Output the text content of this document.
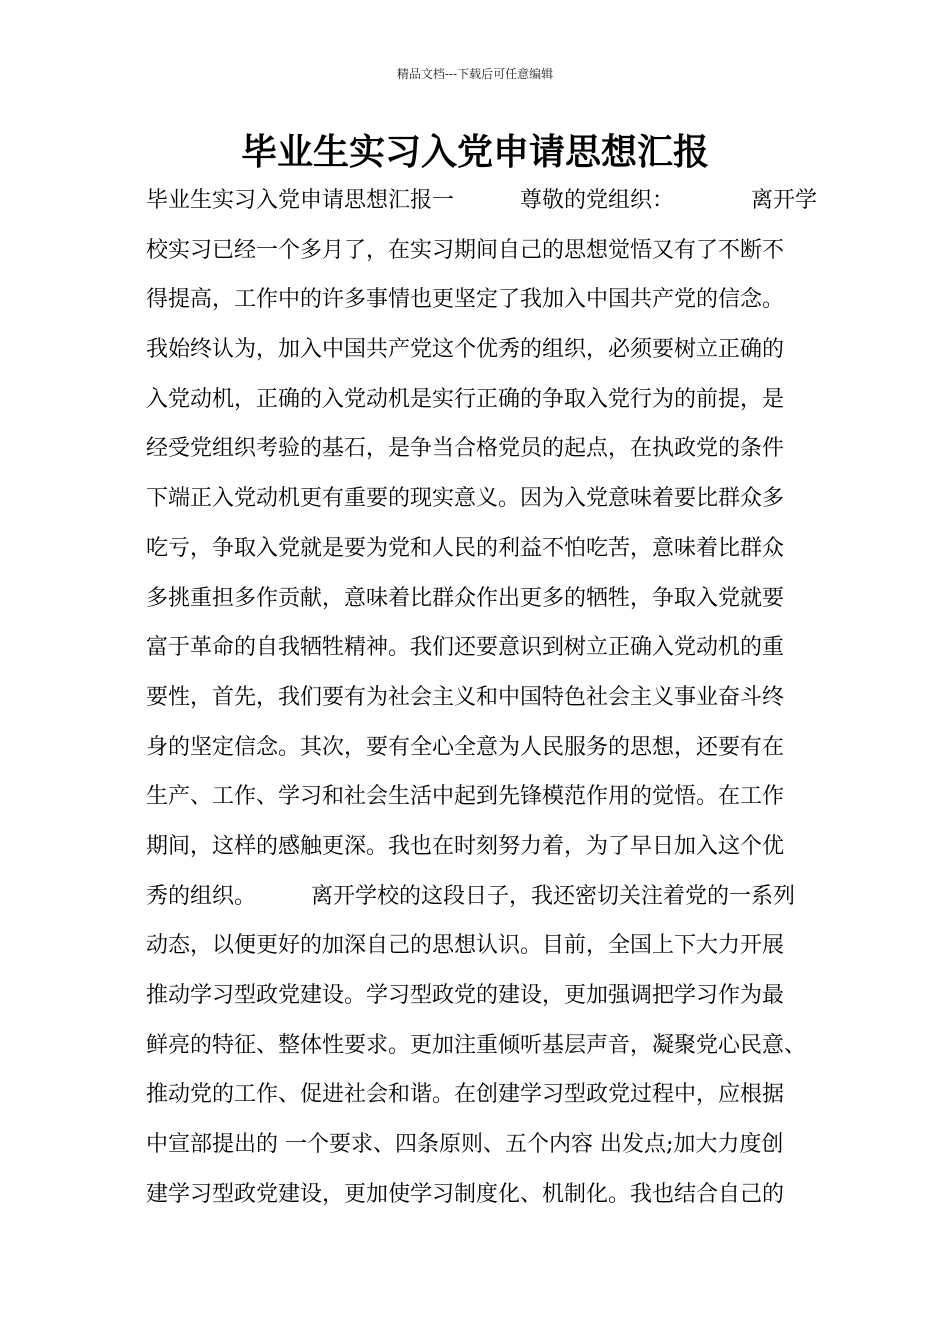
精品文档---下载后可任意编辑
毕业生实习入党申请思想汇报
毕业生实习入党申请思想汇报一　　　尊敬的党组织：　　　　离开学
校实习已经一个多月了，在实习期间自己的思想觉悟又有了不断不
得提高，工作中的许多事情也更坚定了我加入中国共产党的信念。
我始终认为，加入中国共产党这个优秀的组织，必须要树立正确的
入党动机，正确的入党动机是实行正确的争取入党行为的前提，是
经受党组织考验的基石，是争当合格党员的起点，在执政党的条件
下端正入党动机更有重要的现实意义。因为入党意味着要比群众多
吃亏，争取入党就是要为党和人民的利益不怕吃苦，意味着比群众
多挑重担多作贡献，意味着比群众作出更多的牺牲，争取入党就要
富于革命的自我牺牲精神。我们还要意识到树立正确入党动机的重
要性，首先，我们要有为社会主义和中国特色社会主义事业奋斗终
身的坚定信念。其次，要有全心全意为人民服务的思想，还要有在
生产、工作、学习和社会生活中起到先锋模范作用的觉悟。在工作
期间，这样的感触更深。我也在时刻努力着，为了早日加入这个优
秀的组织。　　　离开学校的这段日子，我还密切关注着党的一系列
动态，以便更好的加深自己的思想认识。目前，全国上下大力开展
推动学习型政党建设。学习型政党的建设，更加强调把学习作为最
鲜亮的特征、整体性要求。更加注重倾听基层声音，凝聚党心民意、
推动党的工作、促进社会和谐。在创建学习型政党过程中，应根据
中宣部提出的 一个要求、四条原则、五个内容 出发点;加大力度创
建学习型政党建设，更加使学习制度化、机制化。我也结合自己的
